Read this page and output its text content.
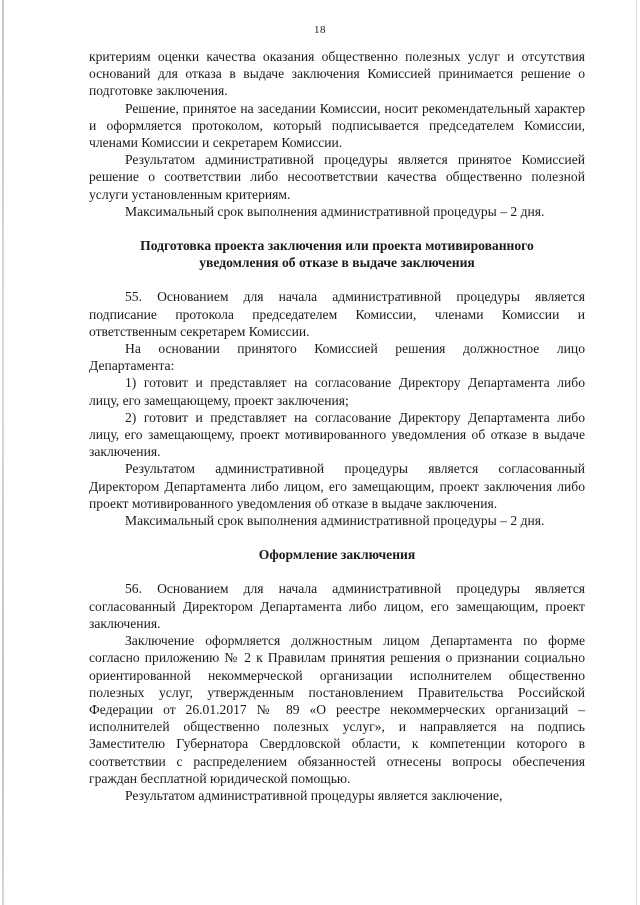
18

критериям оценки качества оказания общественно полезных услуг и отсутствия оснований для отказа в выдаче заключения Комиссией принимается решение о подготовке заключения.

Решение, принятое на заседании Комиссии, носит рекомендательный характер и оформляется протоколом, который подписывается председателем Комиссии, членами Комиссии и секретарем Комиссии.

Результатом административной процедуры является принятое Комиссией решение о соответствии либо несоответствии качества общественно полезной услуги установленным критериям.

Максимальный срок выполнения административной процедуры – 2 дня.

Подготовка проекта заключения или проекта мотивированного
уведомления об отказе в выдаче заключения

55. Основанием для начала административной процедуры является подписание протокола председателем Комиссии, членами Комиссии и ответственным секретарем Комиссии.

На основании принятого Комиссией решения должностное лицо Департамента:

1) готовит и представляет на согласование Директору Департамента либо лицу, его замещающему, проект заключения;

2) готовит и представляет на согласование Директору Департамента либо лицу, его замещающему, проект мотивированного уведомления об отказе в выдаче заключения.

Результатом административной процедуры является согласованный Директором Департамента либо лицом, его замещающим, проект заключения либо проект мотивированного уведомления об отказе в выдаче заключения.

Максимальный срок выполнения административной процедуры – 2 дня.

Оформление заключения

56. Основанием для начала административной процедуры является согласованный Директором Департамента либо лицом, его замещающим, проект заключения.

Заключение оформляется должностным лицом Департамента по форме согласно приложению № 2 к Правилам принятия решения о признании социально ориентированной некоммерческой организации исполнителем общественно полезных услуг, утвержденным постановлением Правительства Российской Федерации от 26.01.2017 № 89 «О реестре некоммерческих организаций – исполнителей общественно полезных услуг», и направляется на подпись Заместителю Губернатора Свердловской области, к компетенции которого в соответствии с распределением обязанностей отнесены вопросы обеспечения граждан бесплатной юридической помощью.

Результатом административной процедуры является заключение,
